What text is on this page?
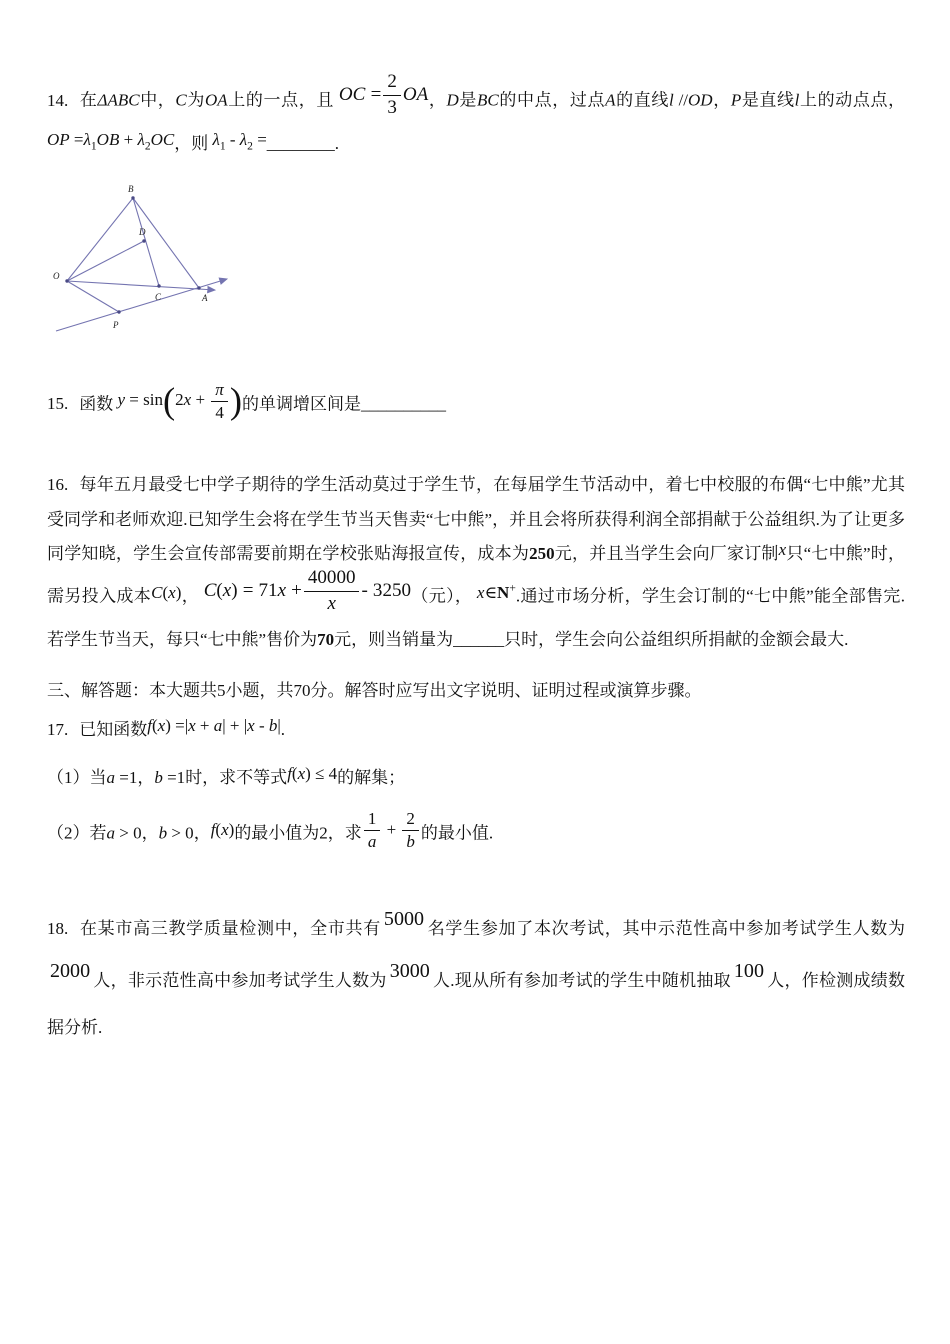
14. 在ΔABC中，C为OA上的一点，且 OC = $\frac{2}{3}$ OA，D是BC的中点，过点A的直线l //OD，P是直线l上的动点点， OP $=\lambda_1OB + \lambda_2OC$，则 $\lambda_1 - \lambda_2$ =________.
B
D
O
C	A
P
15. 函数 $y = \sin(2x + \frac{\pi}{4}$ )的单调增区间是__________
16. 每年五月最受七中学子期待的学生活动莫过于学生节，在每届学生节活动中，着七中校服的布偶“七中熊”尤其受同学和老师欢迎.已知学生会将在学生节当天售卖“七中熊”，并且会将所获得利润全部捐献于公益组织.为了让更多同学知晓，学生会宣传部需要前期在学校张贴海报宣传，成本为250元，并且当学生会向厂家订制x只“七中熊”时，需另投入成本C(x)， $C(x) = 71x + \frac{40000}{x} - 3250$（元）， x∈N+.通过市场分析，学生会订制的“七中熊”能全部售完.若学生节当天，每只“七中熊”售价为70元，则当销量为______只时，学生会向公益组织所捐献的金额会最大.
三、解答题：本大题共5小题，共70分。解答时应写出文字说明、证明过程或演算步骤。
17. 已知函数f(x) =|x + a| + |x - b|.
（1）当a =1，b =1时，求不等式f(x) ≤ 4的解集；
（2）若a > 0，b > 0，f(x)的最小值为2，求 $\frac{1}{a} + \frac{2}{b}$ 的最小值.
18. 在某市高三教学质量检测中，全市共有 5000 名学生参加了本次考试，其中示范性高中参加考试学生人数为2000 人，非示范性高中参加考试学生人数为 3000 人.现从所有参加考试的学生中随机抽取 100 人，作检测成绩数据分析.
